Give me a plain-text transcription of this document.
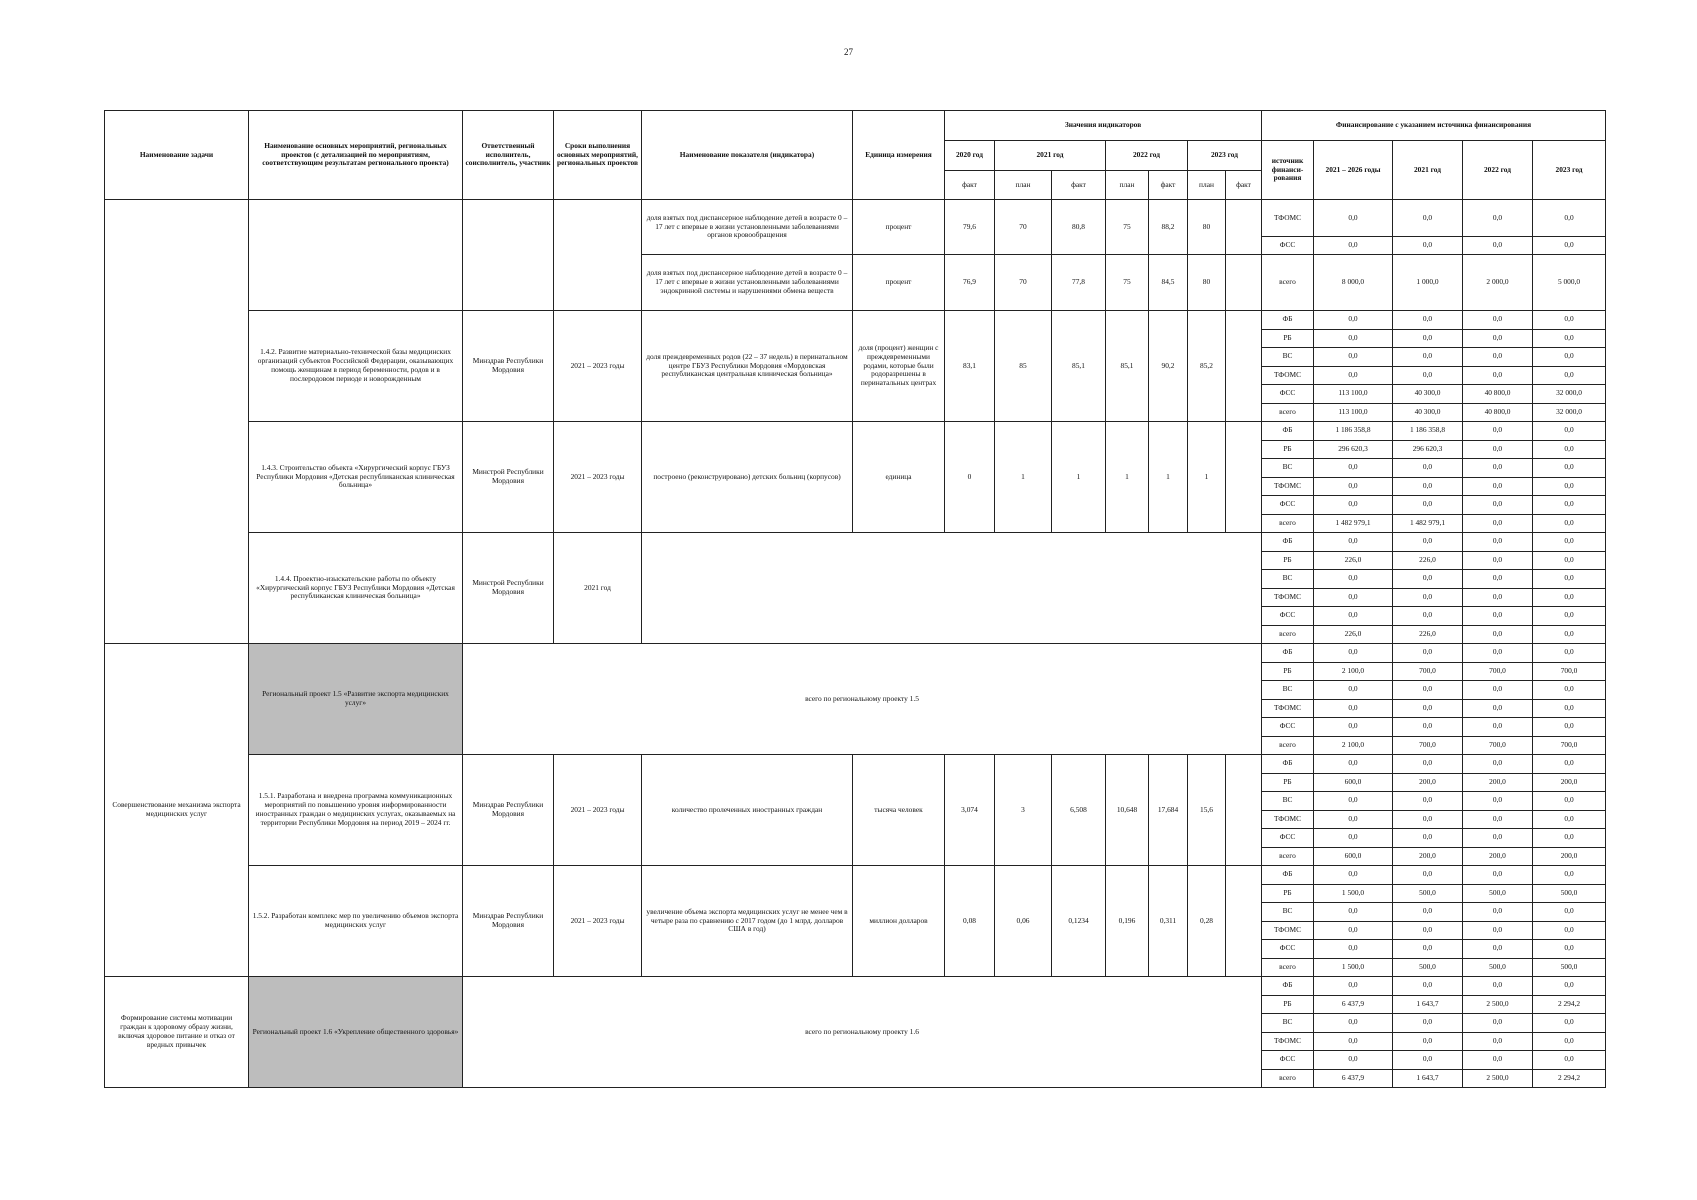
27
Наименование задачи	Наименование основных мероприятий, региональных проектов (с детализацией по мероприятиям, соответствующим результатам регионального проекта)	Ответственный исполнитель, соисполнитель, участник	Сроки выполнения основных мероприятий, региональных проектов	Наименование показателя (индикатора)	Единица измерения	Значения индикаторов							Финансирование с указанием источника финансирования				
						2020 год	2021 год		2022 год		2023 год		источник финанси-рования	2021 – 2026 годы	2021 год	2022 год	2023 год
						факт	план	факт	план	факт	план	факт					
				доля взятых под диспансерное наблюдение детей в возрасте 0 – 17 лет с впервые в жизни установленными заболеваниями органов кровообращения	процент	79,6	70	80,8	75	88,2	80		ТФОМС	0,0	0,0	0,0	0,0
													ФСС	0,0	0,0	0,0	0,0
				доля взятых под диспансерное наблюдение детей в возрасте 0 – 17 лет с впервые в жизни установленными заболеваниями эндокринной системы и нарушениями обмена веществ	процент	76,9	70	77,8	75	84,5	80		всего	8 000,0	1 000,0	2 000,0	5 000,0
	1.4.2. Развитие материально-технической базы медицинских организаций субъектов Российской Федерации, оказывающих помощь женщинам в период беременности, родов и в послеродовом периоде и новорожденным	Минздрав Республики Мордовия	2021 – 2023 годы	доля преждевременных родов (22 – 37 недель) в перинатальном центре ГБУЗ Республики Мордовия «Мордовская республиканская центральная клиническая больница»	доля (процент) женщин с преждевременными родами, которые были родоразрешены в перинатальных центрах	83,1	85	85,1	85,1	90,2	85,2		ФБ	0,0	0,0	0,0	0,0
													РБ	0,0	0,0	0,0	0,0
													ВС	0,0	0,0	0,0	0,0
													ТФОМС	0,0	0,0	0,0	0,0
													ФСС	113 100,0	40 300,0	40 800,0	32 000,0
													всего	113 100,0	40 300,0	40 800,0	32 000,0
	1.4.3. Строительство объекта «Хирургический корпус ГБУЗ Республики Мордовия «Детская республиканская клиническая больница»	Минстрой Республики Мордовия	2021 – 2023 годы	построено (реконструировано) детских больниц (корпусов)	единица	0	1	1	1	1	1		ФБ	1 186 358,8	1 186 358,8	0,0	0,0
													РБ	296 620,3	296 620,3	0,0	0,0
													ВС	0,0	0,0	0,0	0,0
													ТФОМС	0,0	0,0	0,0	0,0
													ФСС	0,0	0,0	0,0	0,0
													всего	1 482 979,1	1 482 979,1	0,0	0,0
	1.4.4. Проектно-изыскательские работы по объекту «Хирургический корпус ГБУЗ Республики Мордовия «Детская республиканская клиническая больница»	Минстрой Республики Мордовия	2021 год										ФБ	0,0	0,0	0,0	0,0
													РБ	226,0	226,0	0,0	0,0
													ВС	0,0	0,0	0,0	0,0
													ТФОМС	0,0	0,0	0,0	0,0
													ФСС	0,0	0,0	0,0	0,0
													всего	226,0	226,0	0,0	0,0
Совершенствование механизма экспорта медицинских услуг	Региональный проект 1.5 «Развитие экспорта медицинских услуг»	всего по региональному проекту 1.5											ФБ	0,0	0,0	0,0	0,0
													РБ	2 100,0	700,0	700,0	700,0
													ВС	0,0	0,0	0,0	0,0
													ТФОМС	0,0	0,0	0,0	0,0
													ФСС	0,0	0,0	0,0	0,0
													всего	2 100,0	700,0	700,0	700,0
	1.5.1. Разработана и внедрена программа коммуникационных мероприятий по повышению уровня информированности иностранных граждан о медицинских услугах, оказываемых на территории Республики Мордовия на период 2019 – 2024 гг.	Минздрав Республики Мордовия	2021 – 2023 годы	количество пролеченных иностранных граждан	тысяча человек	3,074	3	6,508	10,648	17,684	15,6		ФБ	0,0	0,0	0,0	0,0
													РБ	600,0	200,0	200,0	200,0
													ВС	0,0	0,0	0,0	0,0
													ТФОМС	0,0	0,0	0,0	0,0
													ФСС	0,0	0,0	0,0	0,0
													всего	600,0	200,0	200,0	200,0
	1.5.2. Разработан комплекс мер по увеличению объемов экспорта медицинских услуг	Минздрав Республики Мордовия	2021 – 2023 годы	увеличение объема экспорта медицинских услуг не менее чем в четыре раза по сравнению с 2017 годом (до 1 млрд. долларов США в год)	миллион долларов	0,08	0,06	0,1234	0,196	0,311	0,28		ФБ	0,0	0,0	0,0	0,0
													РБ	1 500,0	500,0	500,0	500,0
													ВС	0,0	0,0	0,0	0,0
													ТФОМС	0,0	0,0	0,0	0,0
													ФСС	0,0	0,0	0,0	0,0
													всего	1 500,0	500,0	500,0	500,0
Формирование системы мотивации граждан к здоровому образу жизни, включая здоровое питание и отказ от вредных привычек	Региональный проект 1.6 «Укрепление общественного здоровья»	всего по региональному проекту 1.6											ФБ	0,0	0,0	0,0	0,0
													РБ	6 437,9	1 643,7	2 500,0	2 294,2
													ВС	0,0	0,0	0,0	0,0
													ТФОМС	0,0	0,0	0,0	0,0
													ФСС	0,0	0,0	0,0	0,0
													всего	6 437,9	1 643,7	2 500,0	2 294,2
